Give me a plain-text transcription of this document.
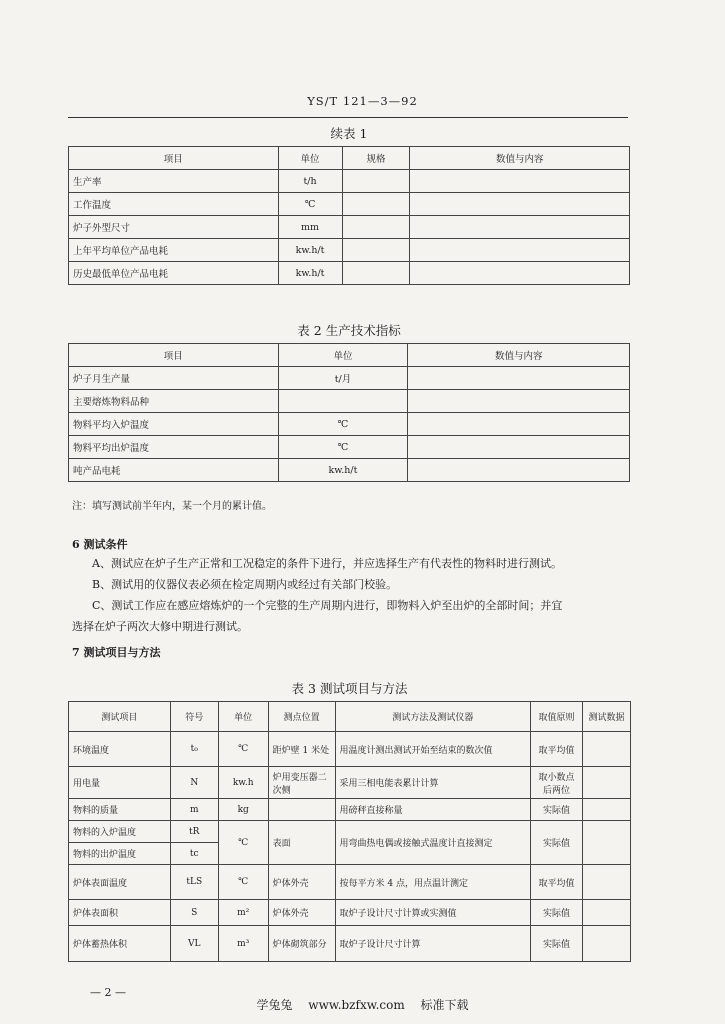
YS/T 121—3—92
续表 1
项目	单位	规格	数值与内容
生产率	t/h		
工作温度	℃		
炉子外型尺寸	mm		
上年平均单位产品电耗	kw.h/t		
历史最低单位产品电耗	kw.h/t		
表 2 生产技术指标
项目	单位	数值与内容
炉子月生产量	t/月	
主要熔炼物料品种		
物料平均入炉温度	℃	
物料平均出炉温度	℃	
吨产品电耗	kw.h/t	
注：填写测试前半年内，某一个月的累计值。
6 测试条件
A、测试应在炉子生产正常和工况稳定的条件下进行，并应选择生产有代表性的物料时进行测试。
B、测试用的仪器仪表必须在检定周期内或经过有关部门校验。
C、测试工作应在感应熔炼炉的一个完整的生产周期内进行，即物料入炉至出炉的全部时间；并宜
选择在炉子两次大修中期进行测试。
7 测试项目与方法
表 3 测试项目与方法
测试项目	符号	单位	测点位置	测试方法及测试仪器	取值原则	测试数据
环境温度	t₀	℃	距炉壁 1 米处	用温度计测出测试开始至结束的数次值	取平均值	
用电量	N	kw.h	炉用变压器二次侧	采用三相电能表累计计算	取小数点后两位	
物料的质量	m	kg		用磅秤直接称量	实际值	
物料的入炉温度	tR	℃	表面	用弯曲热电偶或接触式温度计直接测定	实际值	
物料的出炉温度	tc					
炉体表面温度	tLS	℃	炉体外壳	按每平方米 4 点，用点温计测定	取平均值	
炉体表面积	S	m²	炉体外壳	取炉子设计尺寸计算或实测值	实际值	
炉体蓄热体积	VL	m³	炉体砌筑部分	取炉子设计尺寸计算	实际值	
— 2 —
学兔兔 www.bzfxw.com 标准下载
